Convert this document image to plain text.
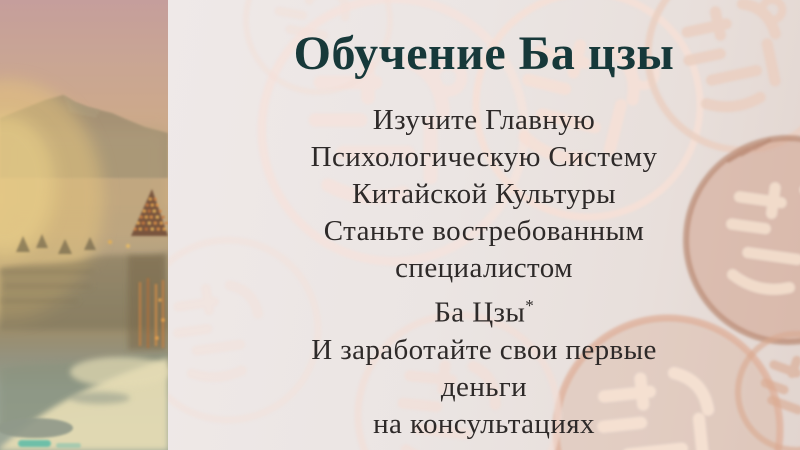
Обучение Ба цзы
Изучите Главную
Психологическую Систему
Китайской Культуры
Станьте востребованным
специалистом
Ба Цзы*
И заработайте свои первые
деньги
на консультациях
